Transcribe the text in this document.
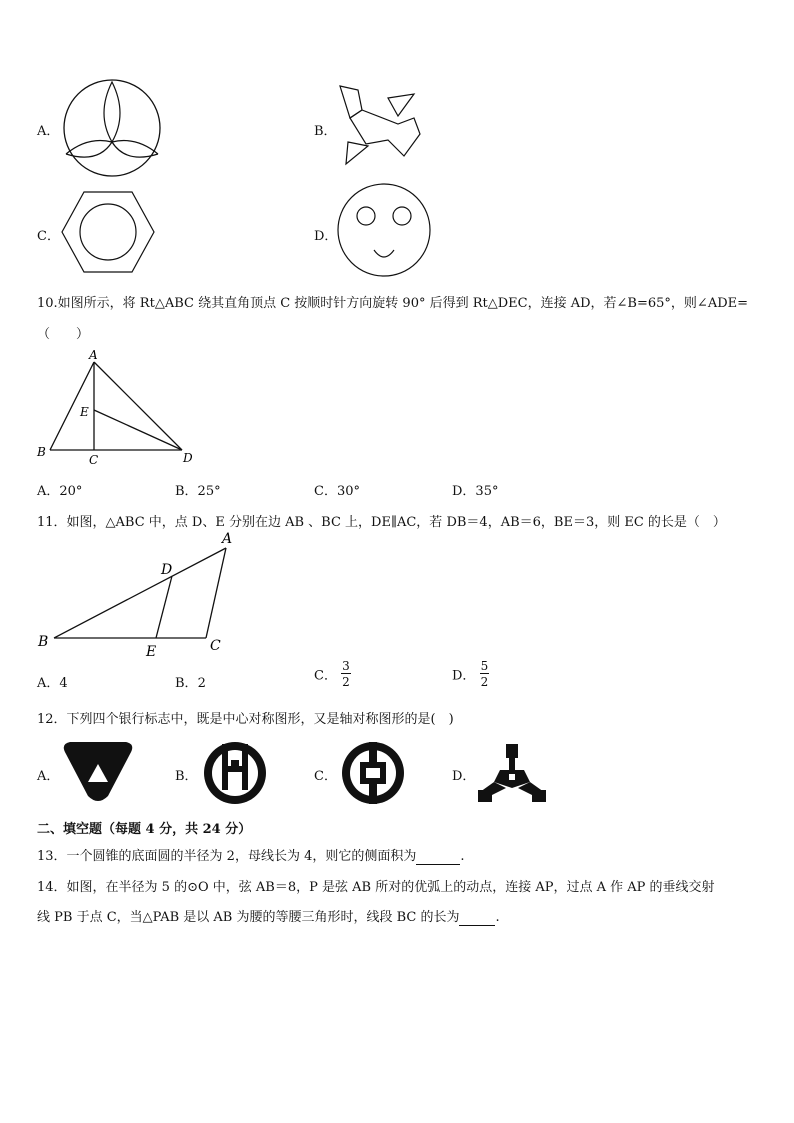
A．	B．
C．	D．
10.如图所示，将 Rt△ABC 绕其直角顶点 C 按顺时针方向旋转 90° 后得到 Rt△DEC，连接 AD，若∠B=65°，则∠ADE=
（　　）
A
E
B
C	D
A．20°	B．25°	C．30°	D．35°
11．如图，△ABC 中，点 D、E 分别在边 AB 、BC 上，DE∥AC，若 DB＝4，AB＝6，BE＝3，则 EC 的长是（　）
A
D
B
E	C
A．4	B．2	C． $\frac{3}{2}$	D． $\frac{5}{2}$
12．下列四个银行标志中，既是中心对称图形，又是轴对称图形的是(　)
A．	B．	C．	D．
二、填空题（每题 4 分，共 24 分）
13．一个圆锥的底面圆的半径为 2，母线长为 4，则它的侧面积为	.
14．如图，在半径为 5 的⊙O 中，弦 AB＝8，P 是弦 AB 所对的优弧上的动点，连接 AP，过点 A 作 AP 的垂线交射
线 PB 于点 C，当△PAB 是以 AB 为腰的等腰三角形时，线段 BC 的长为	.
